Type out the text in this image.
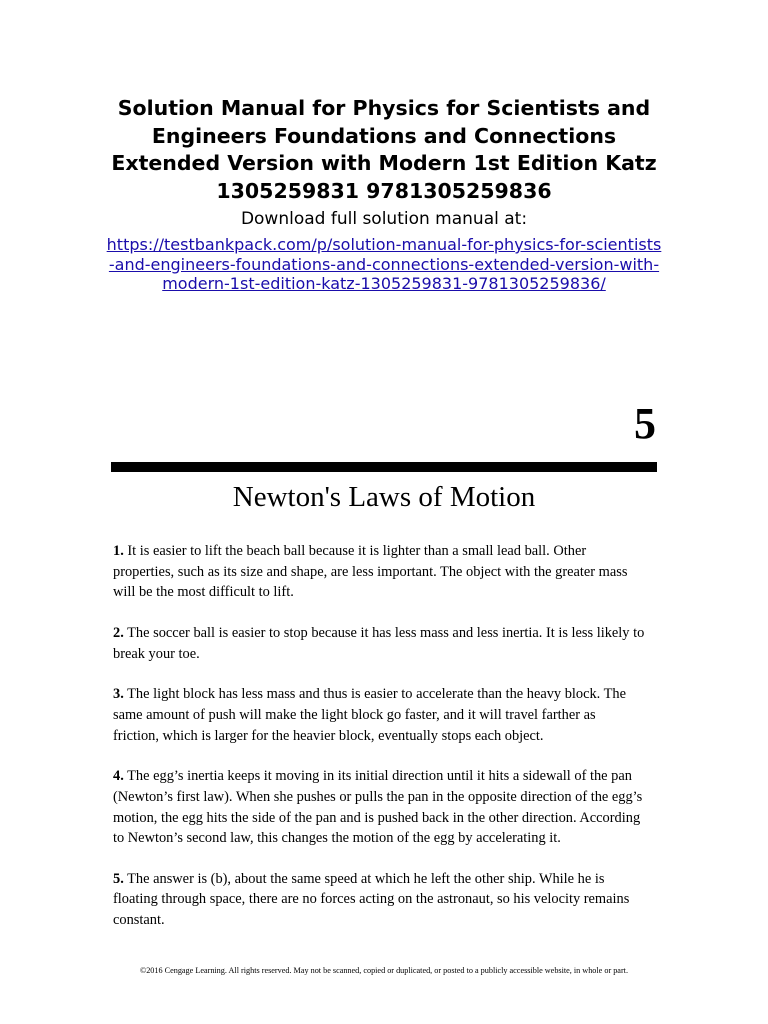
Solution Manual for Physics for Scientists and Engineers Foundations and Connections Extended Version with Modern 1st Edition Katz 1305259831 9781305259836

Download full solution manual at:

https://testbankpack.com/p/solution-manual-for-physics-for-scientists-and-engineers-foundations-and-connections-extended-version-with-modern-1st-edition-katz-1305259831-9781305259836/
5
Newton's Laws of Motion

1. It is easier to lift the beach ball because it is lighter than a small lead ball. Other properties, such as its size and shape, are less important. The object with the greater mass will be the most difficult to lift.

2. The soccer ball is easier to stop because it has less mass and less inertia. It is less likely to break your toe.

3. The light block has less mass and thus is easier to accelerate than the heavy block. The same amount of push will make the light block go faster, and it will travel farther as friction, which is larger for the heavier block, eventually stops each object.

4. The egg’s inertia keeps it moving in its initial direction until it hits a sidewall of the pan (Newton’s first law). When she pushes or pulls the pan in the opposite direction of the egg’s motion, the egg hits the side of the pan and is pushed back in the other direction. According to Newton’s second law, this changes the motion of the egg by accelerating it.

5. The answer is (b), about the same speed at which he left the other ship. While he is floating through space, there are no forces acting on the astronaut, so his velocity remains constant.

©2016 Cengage Learning. All rights reserved. May not be scanned, copied or duplicated, or posted to a publicly accessible website, in whole or part.
